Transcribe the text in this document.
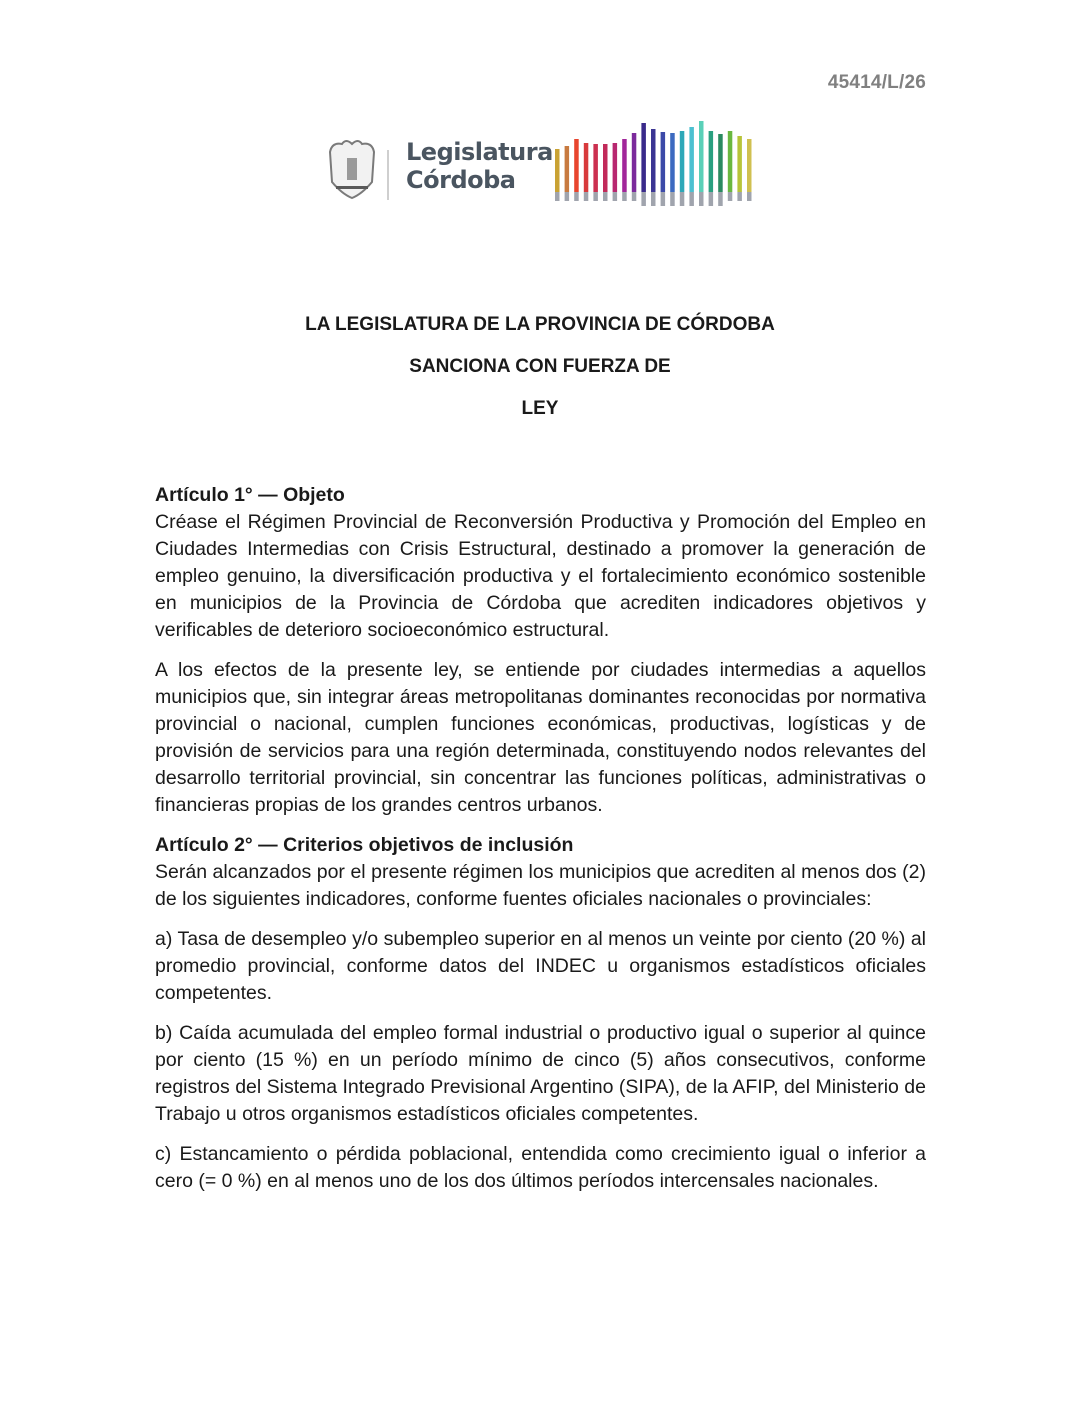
45414/L/26
Legislatura
Córdoba
LA LEGISLATURA DE LA PROVINCIA DE CÓRDOBA
SANCIONA CON FUERZA DE
LEY

Artículo 1° — Objeto
Créase el Régimen Provincial de Reconversión Productiva y Promoción del Empleo en Ciudades Intermedias con Crisis Estructural, destinado a promover la generación de empleo genuino, la diversificación productiva y el fortalecimiento económico sostenible en municipios de la Provincia de Córdoba que acrediten indicadores objetivos y verificables de deterioro socioeconómico estructural.

A los efectos de la presente ley, se entiende por ciudades intermedias a aquellos municipios que, sin integrar áreas metropolitanas dominantes reconocidas por normativa provincial o nacional, cumplen funciones económicas, productivas, logísticas y de provisión de servicios para una región determinada, constituyendo nodos relevantes del desarrollo territorial provincial, sin concentrar las funciones políticas, administrativas o financieras propias de los grandes centros urbanos.

Artículo 2° — Criterios objetivos de inclusión
Serán alcanzados por el presente régimen los municipios que acrediten al menos dos (2) de los siguientes indicadores, conforme fuentes oficiales nacionales o provinciales:

a) Tasa de desempleo y/o subempleo superior en al menos un veinte por ciento (20 %) al promedio provincial, conforme datos del INDEC u organismos estadísticos oficiales competentes.

b) Caída acumulada del empleo formal industrial o productivo igual o superior al quince por ciento (15 %) en un período mínimo de cinco (5) años consecutivos, conforme registros del Sistema Integrado Previsional Argentino (SIPA), de la AFIP, del Ministerio de Trabajo u otros organismos estadísticos oficiales competentes.

c) Estancamiento o pérdida poblacional, entendida como crecimiento igual o inferior a cero (= 0 %) en al menos uno de los dos últimos períodos intercensales nacionales.
